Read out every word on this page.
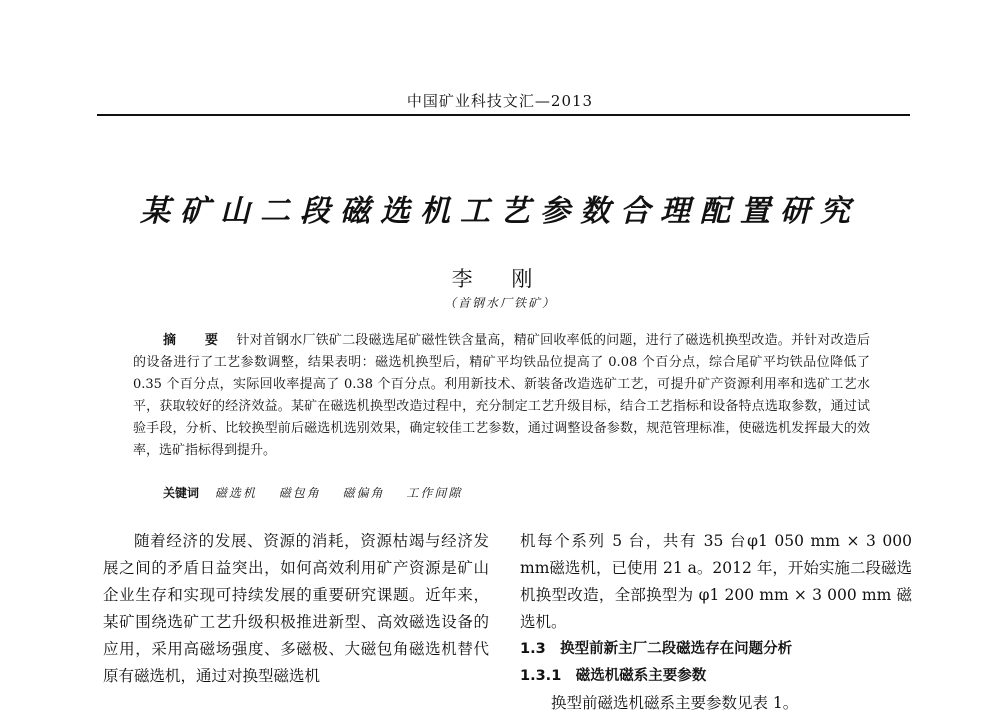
中国矿业科技文汇—2013
某矿山二段磁选机工艺参数合理配置研究
李 刚
（首钢水厂铁矿）
摘 要 针对首钢水厂铁矿二段磁选尾矿磁性铁含量高，精矿回收率低的问题，进行了磁选机换型改造。并针对改造后的设备进行了工艺参数调整，结果表明：磁选机换型后，精矿平均铁品位提高了 0.08 个百分点，综合尾矿平均铁品位降低了 0.35 个百分点，实际回收率提高了 0.38 个百分点。利用新技术、新装备改造选矿工艺，可提升矿产资源利用率和选矿工艺水平，获取较好的经济效益。某矿在磁选机换型改造过程中，充分制定工艺升级目标，结合工艺指标和设备特点选取参数，通过试验手段，分析、比较换型前后磁选机选别效果，确定较佳工艺参数，通过调整设备参数，规范管理标准，使磁选机发挥最大的效率，选矿指标得到提升。
关键词 磁选机 磁包角 磁偏角 工作间隙

随着经济的发展、资源的消耗，资源枯竭与经济发展之间的矛盾日益突出，如何高效利用矿产资源是矿山企业生存和实现可持续发展的重要研究课题。近年来，某矿围绕选矿工艺升级积极推进新型、高效磁选设备的应用，采用高磁场强度、多磁极、大磁包角磁选机替代原有磁选机，通过对换型磁选机

机每个系列 5 台，共有 35 台φ1 050 mm × 3 000 mm磁选机，已使用 21 a。2012 年，开始实施二段磁选机换型改造，全部换型为 φ1 200 mm × 3 000 mm 磁选机。

1.3　换型前新主厂二段磁选存在问题分析

1.3.1　磁选机磁系主要参数

换型前磁选机磁系主要参数见表 1。
